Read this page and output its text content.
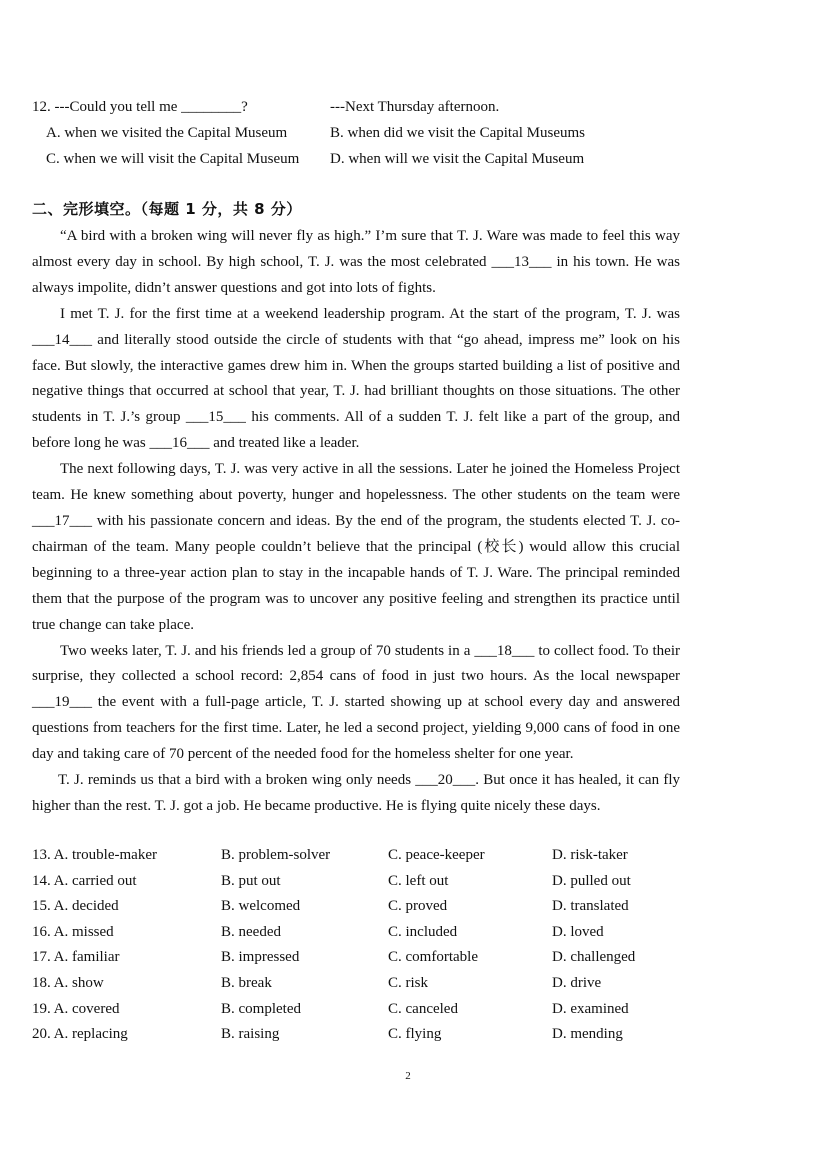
12. ---Could you tell me ________?	---Next Thursday afternoon.
A. when we visited the Capital Museum	B. when did we visit the Capital Museums
C. when we will visit the Capital Museum	D. when will we visit the Capital Museum
二、完形填空。（每题 1 分，共 8 分）

“A bird with a broken wing will never fly as high.” I’m sure that T. J. Ware was made to feel this way almost every day in school. By high school, T. J. was the most celebrated ___13___ in his town. He was always impolite, didn’t answer questions and got into lots of fights.

I met T. J. for the first time at a weekend leadership program. At the start of the program, T. J. was ___14___ and literally stood outside the circle of students with that “go ahead, impress me” look on his face. But slowly, the interactive games drew him in. When the groups started building a list of positive and negative things that occurred at school that year, T. J. had brilliant thoughts on those situations. The other students in T. J.’s group ___15___ his comments. All of a sudden T. J. felt like a part of the group, and before long he was ___16___ and treated like a leader.

The next following days, T. J. was very active in all the sessions. Later he joined the Homeless Project team. He knew something about poverty, hunger and hopelessness. The other students on the team were ___17___ with his passionate concern and ideas. By the end of the program, the students elected T. J. co-chairman of the team. Many people couldn’t believe that the principal (校长) would allow this crucial beginning to a three-year action plan to stay in the incapable hands of T. J. Ware. The principal reminded them that the purpose of the program was to uncover any positive feeling and strengthen its practice until true change can take place.

Two weeks later, T. J. and his friends led a group of 70 students in a ___18___ to collect food. To their surprise, they collected a school record: 2,854 cans of food in just two hours. As the local newspaper ___19___ the event with a full-page article, T. J. started showing up at school every day and answered questions from teachers for the first time. Later, he led a second project, yielding 9,000 cans of food in one day and taking care of 70 percent of the needed food for the homeless shelter for one year.

T. J. reminds us that a bird with a broken wing only needs ___20___. But once it has healed, it can fly higher than the rest. T. J. got a job. He became productive. He is flying quite nicely these days.

13. A. trouble-maker	B. problem-solver	C. peace-keeper	D. risk-taker
14. A. carried out	B. put out	C. left out	D. pulled out
15. A. decided	B. welcomed	C. proved	D. translated
16. A. missed	B. needed	C. included	D. loved
17. A. familiar	B. impressed	C. comfortable	D. challenged
18. A. show	B. break	C. risk	D. drive
19. A. covered	B. completed	C. canceled	D. examined
20. A. replacing	B. raising	C. flying	D. mending
2
